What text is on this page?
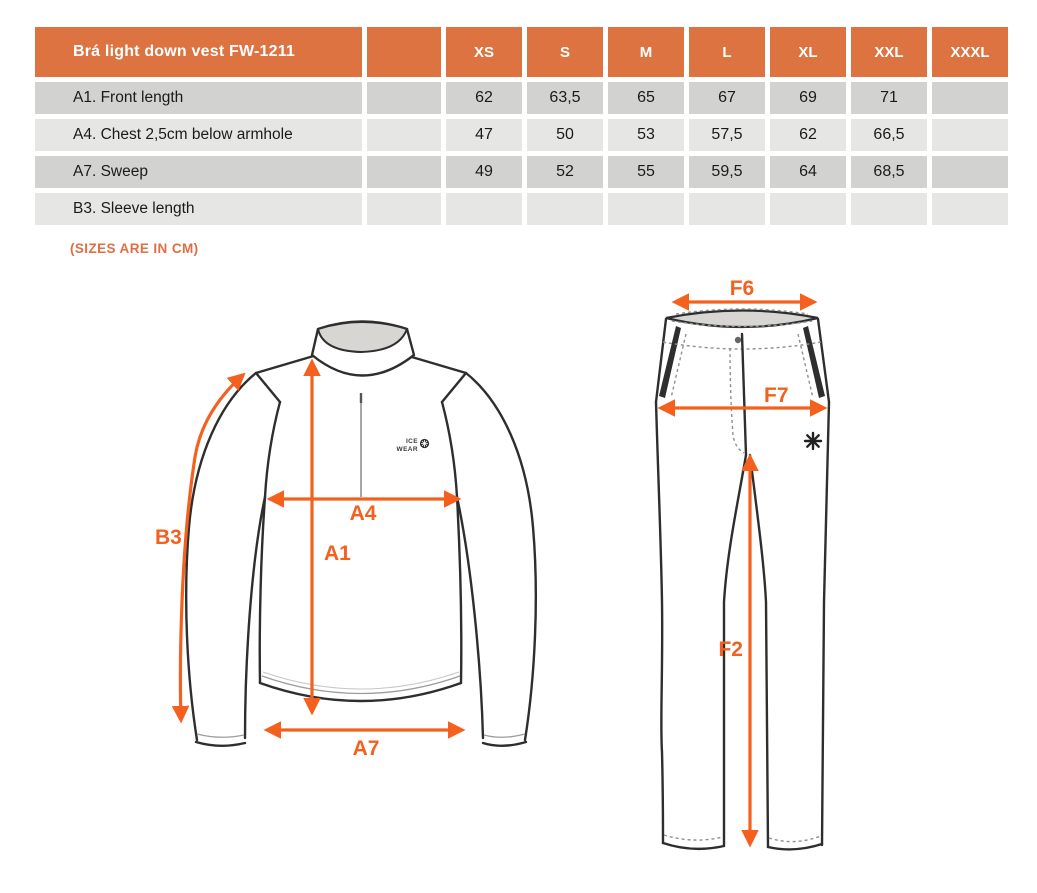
Brá light down vest FW-1211		XS	S	M	L	XL	XXL	XXXL
A1. Front length		62	63,5	65	67	69	71	
A4. Chest 2,5cm below armhole		47	50	53	57,5	62	66,5	
A7. Sweep		49	52	55	59,5	64	68,5	
B3. Sleeve length								
(SIZES ARE IN CM)
ICE
WEAR
B3
A4
A1
A7
F6
F7
F2
